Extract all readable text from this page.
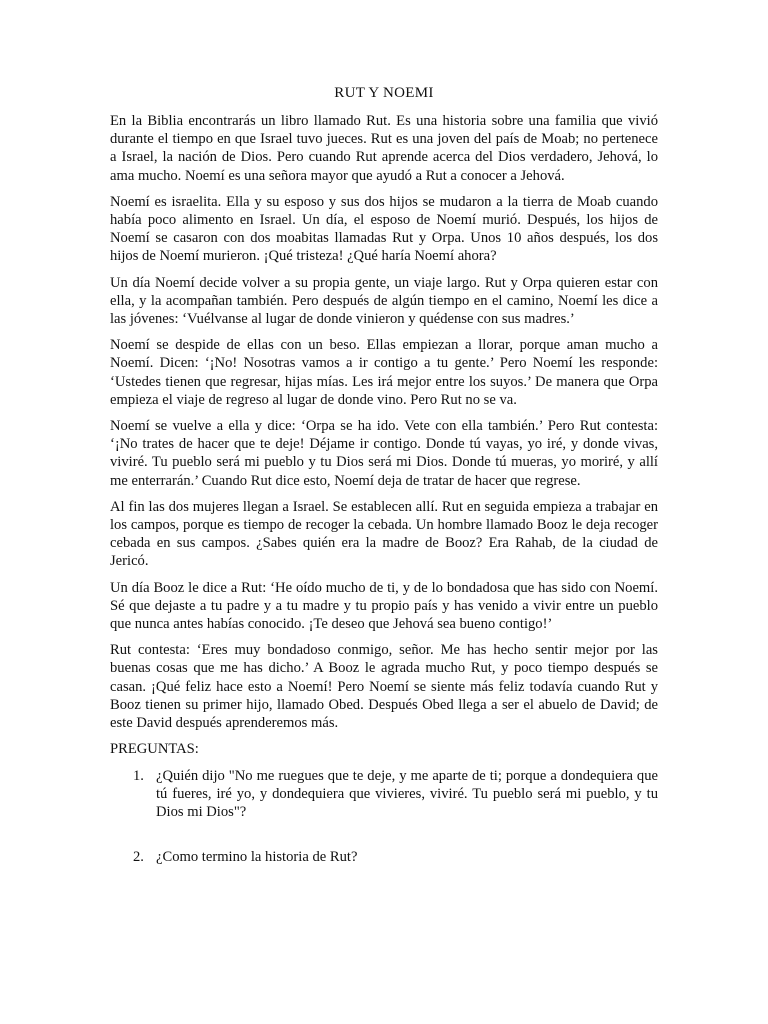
RUT Y NOEMI

En la Biblia encontrarás un libro llamado Rut. Es una historia sobre una familia que vivió durante el tiempo en que Israel tuvo jueces. Rut es una joven del país de Moab; no pertenece a Israel, la nación de Dios. Pero cuando Rut aprende acerca del Dios verdadero, Jehová, lo ama mucho. Noemí es una señora mayor que ayudó a Rut a conocer a Jehová.

Noemí es israelita. Ella y su esposo y sus dos hijos se mudaron a la tierra de Moab cuando había poco alimento en Israel. Un día, el esposo de Noemí murió. Después, los hijos de Noemí se casaron con dos moabitas llamadas Rut y Orpa. Unos 10 años después, los dos hijos de Noemí murieron. ¡Qué tristeza! ¿Qué haría Noemí ahora?

Un día Noemí decide volver a su propia gente, un viaje largo. Rut y Orpa quieren estar con ella, y la acompañan también. Pero después de algún tiempo en el camino, Noemí les dice a las jóvenes: ‘Vuélvanse al lugar de donde vinieron y quédense con sus madres.’

Noemí se despide de ellas con un beso. Ellas empiezan a llorar, porque aman mucho a Noemí. Dicen: ‘¡No! Nosotras vamos a ir contigo a tu gente.’ Pero Noemí les responde: ‘Ustedes tienen que regresar, hijas mías. Les irá mejor entre los suyos.’ De manera que Orpa empieza el viaje de regreso al lugar de donde vino. Pero Rut no se va.

Noemí se vuelve a ella y dice: ‘Orpa se ha ido. Vete con ella también.’ Pero Rut contesta: ‘¡No trates de hacer que te deje! Déjame ir contigo. Donde tú vayas, yo iré, y donde vivas, viviré. Tu pueblo será mi pueblo y tu Dios será mi Dios. Donde tú mueras, yo moriré, y allí me enterrarán.’ Cuando Rut dice esto, Noemí deja de tratar de hacer que regrese.

Al fin las dos mujeres llegan a Israel. Se establecen allí. Rut en seguida empieza a trabajar en los campos, porque es tiempo de recoger la cebada. Un hombre llamado Booz le deja recoger cebada en sus campos. ¿Sabes quién era la madre de Booz? Era Rahab, de la ciudad de Jericó.

Un día Booz le dice a Rut: ‘He oído mucho de ti, y de lo bondadosa que has sido con Noemí. Sé que dejaste a tu padre y a tu madre y tu propio país y has venido a vivir entre un pueblo que nunca antes habías conocido. ¡Te deseo que Jehová sea bueno contigo!’

Rut contesta: ‘Eres muy bondadoso conmigo, señor. Me has hecho sentir mejor por las buenas cosas que me has dicho.’ A Booz le agrada mucho Rut, y poco tiempo después se casan. ¡Qué feliz hace esto a Noemí! Pero Noemí se siente más feliz todavía cuando Rut y Booz tienen su primer hijo, llamado Obed. Después Obed llega a ser el abuelo de David; de este David después aprenderemos más.

PREGUNTAS:

1. ¿Quién dijo "No me ruegues que te deje, y me aparte de ti; porque a dondequiera que tú fueres, iré yo, y dondequiera que vivieres, viviré. Tu pueblo será mi pueblo, y tu Dios mi Dios"?
2. ¿Como termino la historia de Rut?
